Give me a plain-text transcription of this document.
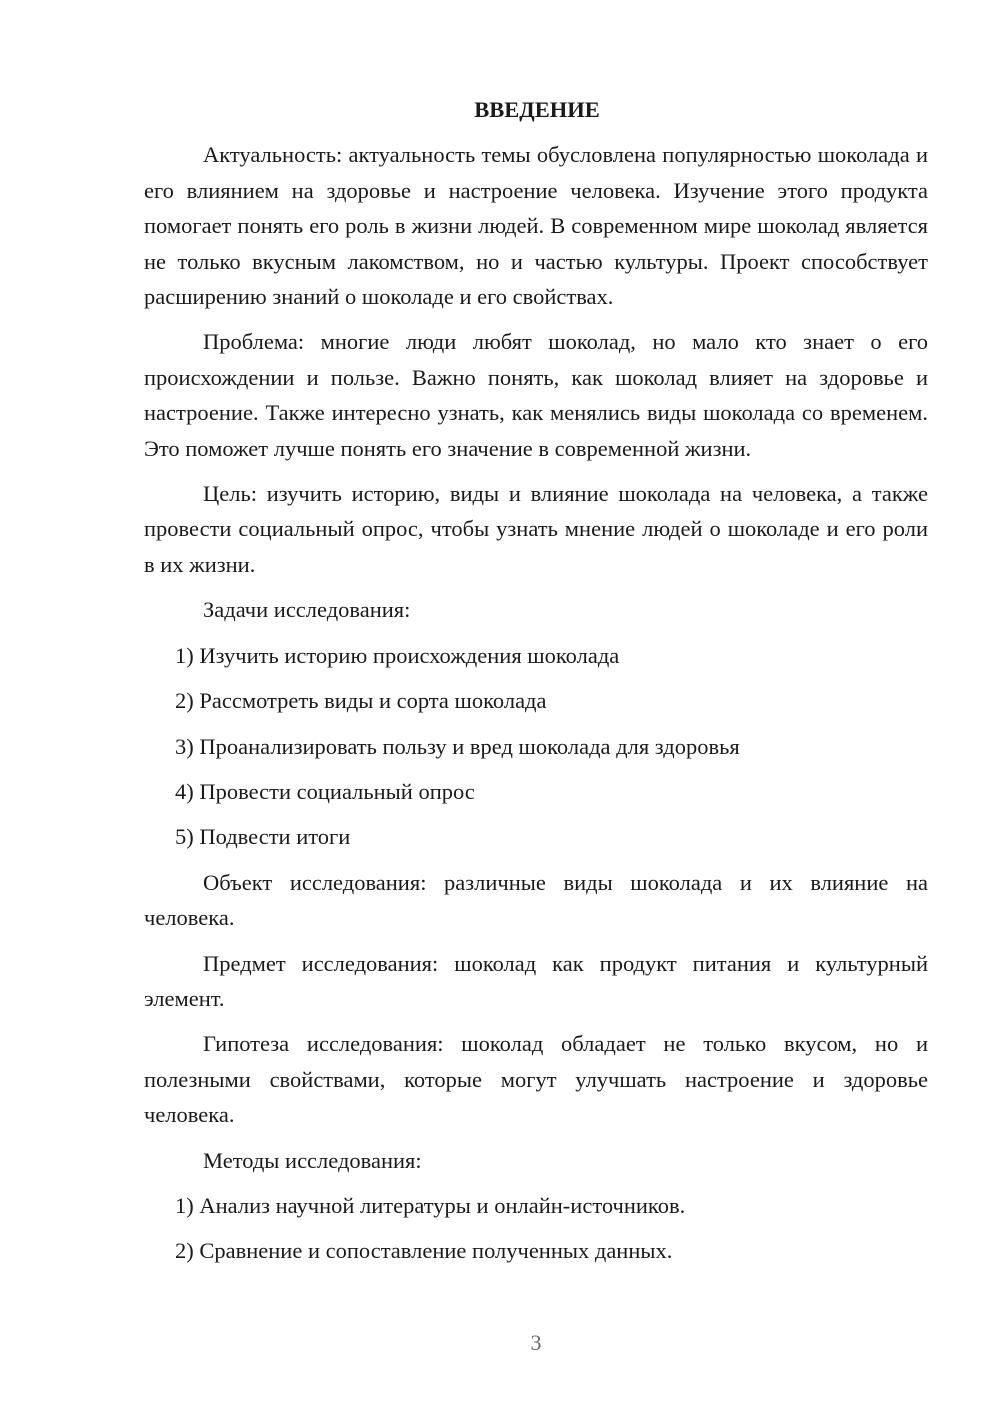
ВВЕДЕНИЕ

Актуальность: актуальность темы обусловлена популярностью шоколада и его влиянием на здоровье и настроение человека. Изучение этого продукта помогает понять его роль в жизни людей. В современном мире шоколад является не только вкусным лакомством, но и частью культуры. Проект способствует расширению знаний о шоколаде и его свойствах.

Проблема: многие люди любят шоколад, но мало кто знает о его происхождении и пользе. Важно понять, как шоколад влияет на здоровье и настроение. Также интересно узнать, как менялись виды шоколада со временем. Это поможет лучше понять его значение в современной жизни.

Цель: изучить историю, виды и влияние шоколада на человека, а также провести социальный опрос, чтобы узнать мнение людей о шоколаде и его роли в их жизни.

Задачи исследования:

1) Изучить историю происхождения шоколада

2) Рассмотреть виды и сорта шоколада

3) Проанализировать пользу и вред шоколада для здоровья

4) Провести социальный опрос

5) Подвести итоги

Объект исследования: различные виды шоколада и их влияние на человека.

Предмет исследования: шоколад как продукт питания и культурный элемент.

Гипотеза исследования: шоколад обладает не только вкусом, но и полезными свойствами, которые могут улучшать настроение и здоровье человека.

Методы исследования:

1) Анализ научной литературы и онлайн-источников.

2) Сравнение и сопоставление полученных данных.

3
